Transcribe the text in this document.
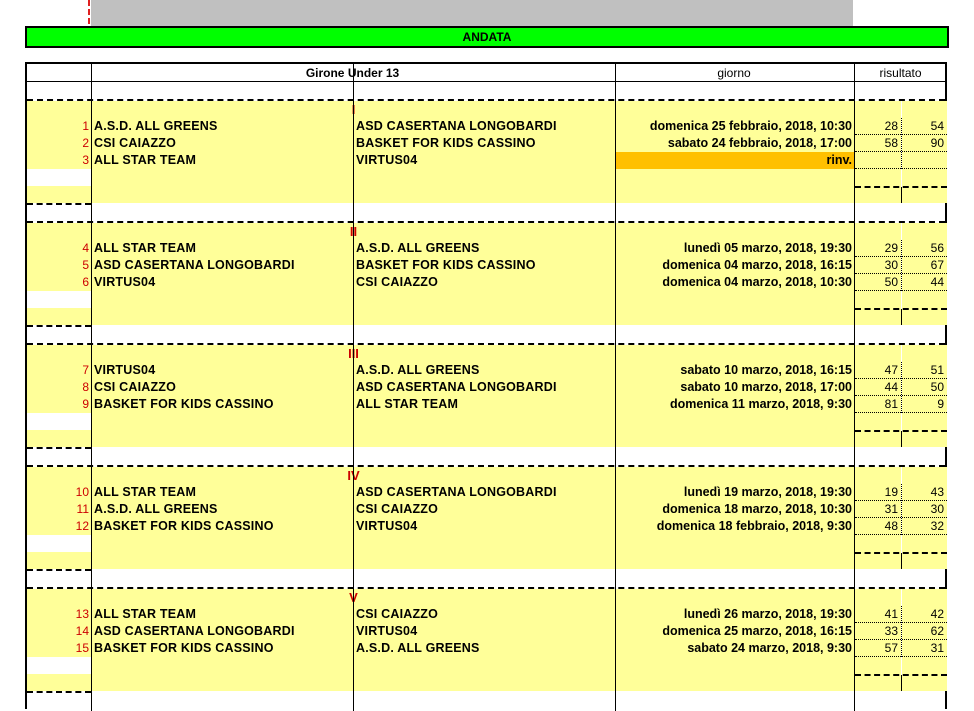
ANDATA
Girone Under 13	giorno	risultato
I
1 A.S.D. ALL GREENS	ASD CASERTANA LONGOBARDI	domenica 25 febbraio, 2018, 10:30	28	54
2 CSI CAIAZZO	BASKET FOR KIDS CASSINO	sabato 24 febbraio, 2018, 17:00	58	90
3 ALL STAR TEAM	VIRTUS04	rinv.
II
4 ALL STAR TEAM	A.S.D. ALL GREENS	lunedì 05 marzo, 2018, 19:30	29	56
5 ASD CASERTANA LONGOBARDI	BASKET FOR KIDS CASSINO	domenica 04 marzo, 2018, 16:15	30	67
6 VIRTUS04	CSI CAIAZZO	domenica 04 marzo, 2018, 10:30	50	44
III
7 VIRTUS04	A.S.D. ALL GREENS	sabato 10 marzo, 2018, 16:15	47	51
8 CSI CAIAZZO	ASD CASERTANA LONGOBARDI	sabato 10 marzo, 2018, 17:00	44	50
9 BASKET FOR KIDS CASSINO	ALL STAR TEAM	domenica 11 marzo, 2018, 9:30	81	9
IV
10 ALL STAR TEAM	ASD CASERTANA LONGOBARDI	lunedì 19 marzo, 2018, 19:30	19	43
11 A.S.D. ALL GREENS	CSI CAIAZZO	domenica 18 marzo, 2018, 10:30	31	30
12 BASKET FOR KIDS CASSINO	VIRTUS04	domenica 18 febbraio, 2018, 9:30	48	32
V
13 ALL STAR TEAM	CSI CAIAZZO	lunedì 26 marzo, 2018, 19:30	41	42
14 ASD CASERTANA LONGOBARDI	VIRTUS04	domenica 25 marzo, 2018, 16:15	33	62
15 BASKET FOR KIDS CASSINO	A.S.D. ALL GREENS	sabato 24 marzo, 2018, 9:30	57	31
